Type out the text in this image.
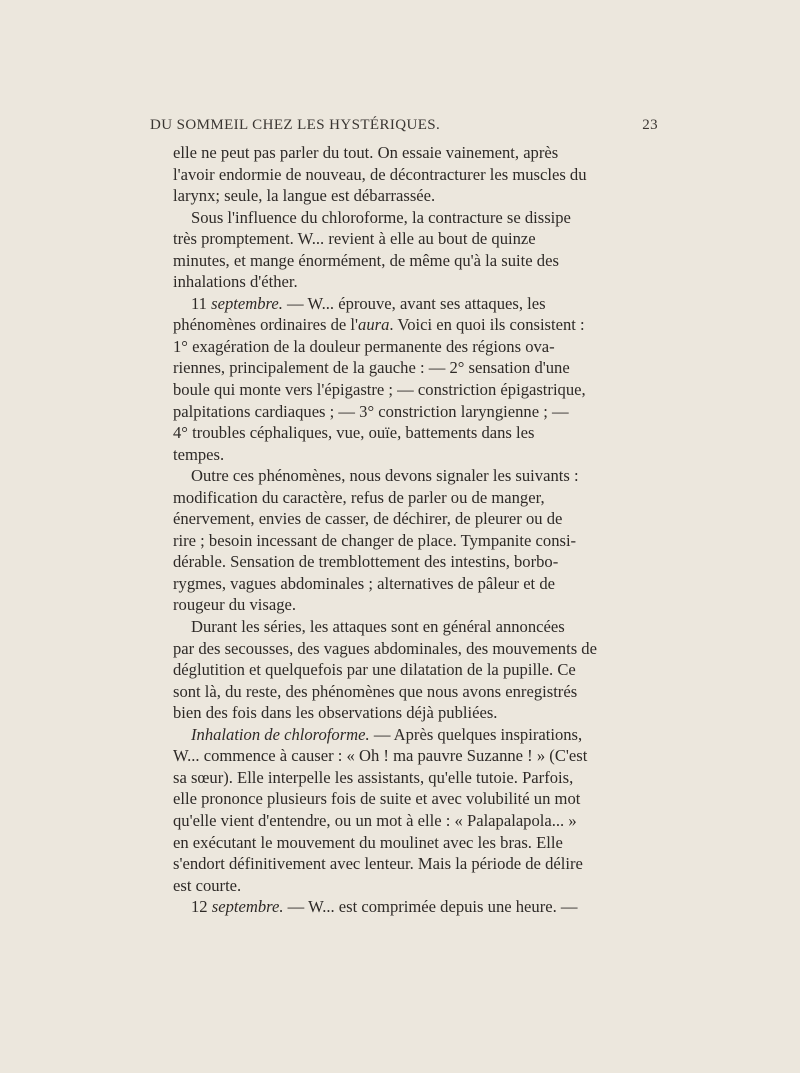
DU SOMMEIL CHEZ LES HYSTÉRIQUES.	23
elle ne peut pas parler du tout. On essaie vainement, après
l'avoir endormie de nouveau, de décontracturer les muscles du
larynx; seule, la langue est débarrassée.
Sous l'influence du chloroforme, la contracture se dissipe
très promptement. W... revient à elle au bout de quinze
minutes, et mange énormément, de même qu'à la suite des
inhalations d'éther.
11 septembre. — W... éprouve, avant ses attaques, les
phénomènes ordinaires de l'aura. Voici en quoi ils consistent :
1° exagération de la douleur permanente des régions ova-
riennes, principalement de la gauche : — 2° sensation d'une
boule qui monte vers l'épigastre ; — constriction épigastrique,
palpitations cardiaques ; — 3° constriction laryngienne ; —
4° troubles céphaliques, vue, ouïe, battements dans les
tempes.
Outre ces phénomènes, nous devons signaler les suivants :
modification du caractère, refus de parler ou de manger,
énervement, envies de casser, de déchirer, de pleurer ou de
rire ; besoin incessant de changer de place. Tympanite consi-
dérable. Sensation de tremblottement des intestins, borbo-
rygmes, vagues abdominales ; alternatives de pâleur et de
rougeur du visage.
Durant les séries, les attaques sont en général annoncées
par des secousses, des vagues abdominales, des mouvements de
déglutition et quelquefois par une dilatation de la pupille. Ce
sont là, du reste, des phénomènes que nous avons enregistrés
bien des fois dans les observations déjà publiées.
Inhalation de chloroforme. — Après quelques inspirations,
W... commence à causer : « Oh ! ma pauvre Suzanne ! » (C'est
sa sœur). Elle interpelle les assistants, qu'elle tutoie. Parfois,
elle prononce plusieurs fois de suite et avec volubilité un mot
qu'elle vient d'entendre, ou un mot à elle : « Palapalapola... »
en exécutant le mouvement du moulinet avec les bras. Elle
s'endort définitivement avec lenteur. Mais la période de délire
est courte.
12 septembre. — W... est comprimée depuis une heure. —
